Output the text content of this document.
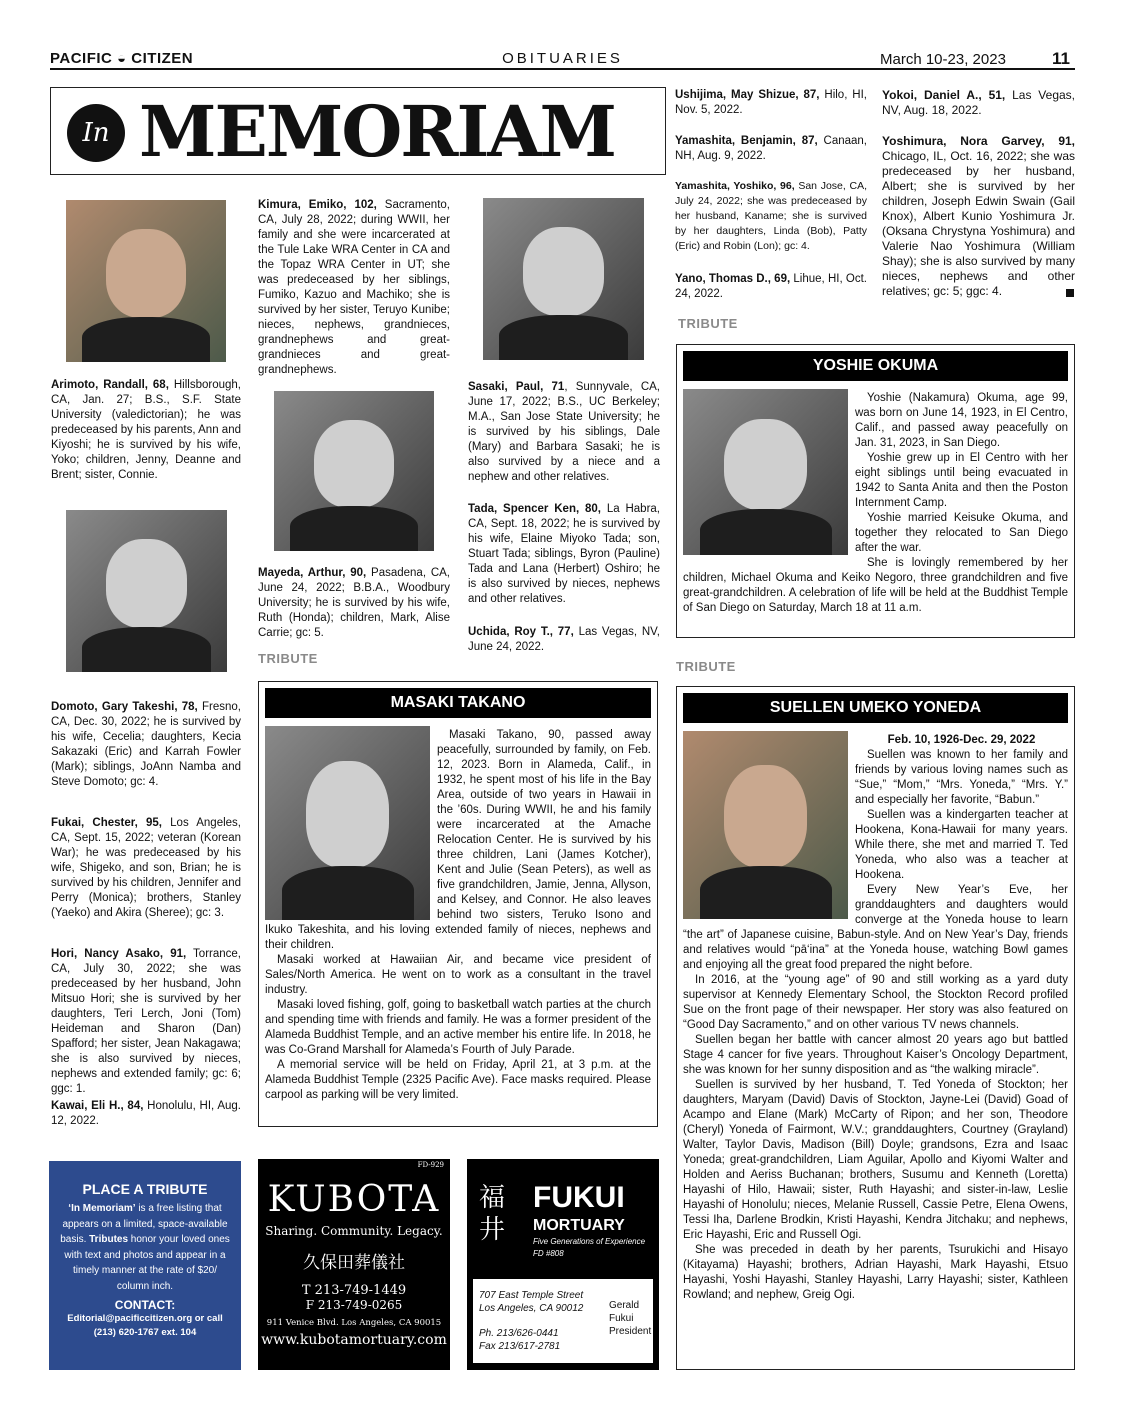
PACIFIC ◒ CITIZEN	OBITUARIES	March 10-23, 2023	11
In MEMORIAM
Arimoto, Randall, 68, Hillsborough, CA, Jan. 27; B.S., S.F. State University (valedictorian); he was predeceased by his parents, Ann and Kiyoshi; he is survived by his wife, Yoko; children, Jenny, Deanne and Brent; sister, Connie.
Domoto, Gary Takeshi, 78, Fresno, CA, Dec. 30, 2022; he is survived by his wife, Cecelia; daughters, Kecia Sakazaki (Eric) and Karrah Fowler (Mark); siblings, JoAnn Namba and Steve Domoto; gc: 4.
Fukai, Chester, 95, Los Angeles, CA, Sept. 15, 2022; veteran (Korean War); he was predeceased by his wife, Shigeko, and son, Brian; he is survived by his children, Jennifer and Perry (Monica); brothers, Stanley (Yaeko) and Akira (Sheree); gc: 3.
Hori, Nancy Asako, 91, Torrance, CA, July 30, 2022; she was predeceased by her husband, John Mitsuo Hori; she is survived by her daughters, Teri Lerch, Joni (Tom) Heideman and Sharon (Dan) Spafford; her sister, Jean Nakagawa; she is also survived by nieces, nephews and extended family; gc: 6; ggc: 1.
Kawai, Eli H., 84, Honolulu, HI, Aug. 12, 2022.
Kimura, Emiko, 102, Sacramento, CA, July 28, 2022; during WWII, her family and she were incarcerated at the Tule Lake WRA Center in CA and the Topaz WRA Center in UT; she was predeceased by her siblings, Fumiko, Kazuo and Machiko; she is survived by her sister, Teruyo Kunibe; nieces, nephews, grandnieces, grandnephews and great-grandnieces and great-grandnephews.
Mayeda, Arthur, 90, Pasadena, CA, June 24, 2022; B.B.A., Woodbury University; he is survived by his wife, Ruth (Honda); children, Mark, Alise Carrie; gc: 5.
TRIBUTE
Sasaki, Paul, 71, Sunnyvale, CA, June 17, 2022; B.S., UC Berkeley; M.A., San Jose State University; he is survived by his siblings, Dale (Mary) and Barbara Sasaki; he is also survived by a niece and a nephew and other relatives.
Tada, Spencer Ken, 80, La Habra, CA, Sept. 18, 2022; he is survived by his wife, Elaine Miyoko Tada; son, Stuart Tada; siblings, Byron (Pauline) Tada and Lana (Herbert) Oshiro; he is also survived by nieces, nephews and other relatives.
Uchida, Roy T., 77, Las Vegas, NV, June 24, 2022.
Ushijima, May Shizue, 87, Hilo, HI, Nov. 5, 2022.
Yamashita, Benjamin, 87, Canaan, NH, Aug. 9, 2022.
Yamashita, Yoshiko, 96, San Jose, CA, July 24, 2022; she was predeceased by her husband, Kaname; she is survived by her daughters, Linda (Bob), Patty (Eric) and Robin (Lon); gc: 4.
Yano, Thomas D., 69, Lihue, HI, Oct. 24, 2022.
TRIBUTE
Yokoi, Daniel A., 51, Las Vegas, NV, Aug. 18, 2022.
Yoshimura, Nora Garvey, 91, Chicago, IL, Oct. 16, 2022; she was predeceased by her husband, Albert; she is survived by her children, Joseph Edwin Swain (Gail Knox), Albert Kunio Yoshimura Jr. (Oksana Chrystyna Yoshimura) and Valerie Nao Yoshimura (William Shay); she is also survived by many nieces, nephews and other relatives; gc: 5; ggc: 4.
YOSHIE OKUMA

Yoshie (Nakamura) Okuma, age 99, was born on June 14, 1923, in El Centro, Calif., and passed away peacefully on Jan. 31, 2023, in San Diego.

Yoshie grew up in El Centro with her eight siblings until being evacuated in 1942 to Santa Anita and then the Poston Internment Camp.

Yoshie married Keisuke Okuma, and together they relocated to San Diego after the war.

She is lovingly remembered by her children, Michael Okuma and Keiko Negoro, three grandchildren and five great-grandchildren. A celebration of life will be held at the Buddhist Temple of San Diego on Saturday, March 18 at 11 a.m.

MASAKI TAKANO

Masaki Takano, 90, passed away peacefully, surrounded by family, on Feb. 12, 2023. Born in Alameda, Calif., in 1932, he spent most of his life in the Bay Area, outside of two years in Hawaii in the ’60s. During WWII, he and his family were incarcerated at the Amache Relocation Center. He is survived by his three children, Lani (James Kotcher), Kent and Julie (Sean Peters), as well as five grandchildren, Jamie, Jenna, Allyson, and Kelsey, and Connor. He also leaves behind two sisters, Teruko Isono and Ikuko Takeshita, and his loving extended family of nieces, nephews and their children.

Masaki worked at Hawaiian Air, and became vice president of Sales/North America. He went on to work as a consultant in the travel industry.

Masaki loved fishing, golf, going to basketball watch parties at the church and spending time with friends and family. He was a former president of the Alameda Buddhist Temple, and an active member his entire life. In 2018, he was Co-Grand Marshall for Alameda’s Fourth of July Parade.

A memorial service will be held on Friday, April 21, at 3 p.m. at the Alameda Buddhist Temple (2325 Pacific Ave). Face masks required. Please carpool as parking will be very limited.

TRIBUTE
SUELLEN UMEKO YONEDA
Feb. 10, 1926-Dec. 29, 2022

Suellen was known to her family and friends by various loving names such as “Sue,” “Mom,” “Mrs. Yoneda,” “Mrs. Y.” and especially her favorite, “Babun.”

Suellen was a kindergarten teacher at Hookena, Kona-Hawaii for many years. While there, she met and married T. Ted Yoneda, who also was a teacher at Hookena.

Every New Year’s Eve, her granddaughters and daughters would converge at the Yoneda house to learn “the art” of Japanese cuisine, Babun-style. And on New Year’s Day, friends and relatives would “pā‘ina” at the Yoneda house, watching Bowl games and enjoying all the great food prepared the night before.

In 2016, at the “young age” of 90 and still working as a yard duty supervisor at Kennedy Elementary School, the Stockton Record profiled Sue on the front page of their newspaper. Her story was also featured on “Good Day Sacramento,” and on other various TV news channels.

Suellen began her battle with cancer almost 20 years ago but battled Stage 4 cancer for five years. Throughout Kaiser’s Oncology Department, she was known for her sunny disposition and as “the walking miracle”.

Suellen is survived by her husband, T. Ted Yoneda of Stockton; her daughters, Maryam (David) Davis of Stockton, Jayne-Lei (David) Goad of Acampo and Elane (Mark) McCarty of Ripon; and her son, Theodore (Cheryl) Yoneda of Fairmont, W.V.; granddaughters, Courtney (Grayland) Walter, Taylor Davis, Madison (Bill) Doyle; grandsons, Ezra and Isaac Yoneda; great-grandchildren, Liam Aguilar, Apollo and Kiyomi Walter and Holden and Aeriss Buchanan; brothers, Susumu and Kenneth (Loretta) Hayashi of Hilo, Hawaii; sister, Ruth Hayashi; and sister-in-law, Leslie Hayashi of Honolulu; nieces, Melanie Russell, Cassie Petre, Elena Owens, Tessi Iha, Darlene Brodkin, Kristi Hayashi, Kendra Jitchaku; and nephews, Eric Hayashi, Eric and Russell Ogi.

She was preceded in death by her parents, Tsurukichi and Hisayo (Kitayama) Hayashi; brothers, Adrian Hayashi, Mark Hayashi, Etsuo Hayashi, Yoshi Hayashi, Stanley Hayashi, Larry Hayashi; sister, Kathleen Rowland; and nephew, Greig Ogi.

PLACE A TRIBUTE
‘In Memoriam’ is a free listing that appears on a limited, space-available basis. Tributes honor your loved ones with text and photos and appear in a timely manner at the rate of $20/ column inch.
CONTACT:
Editorial@pacificcitizen.org or call (213) 620-1767 ext. 104
FD-929
KUBOTA
Sharing. Community. Legacy.
久保田葬儀社
T 213-749-1449
F 213-749-0265
911 Venice Blvd. Los Angeles, CA 90015
www.kubotamortuary.com
福井
FUKUI
MORTUARY
Five Generations of Experience
FD #808
707 East Temple Street
Los Angeles, CA 90012
Ph. 213/626-0441
Fax 213/617-2781
Gerald
Fukui
President
